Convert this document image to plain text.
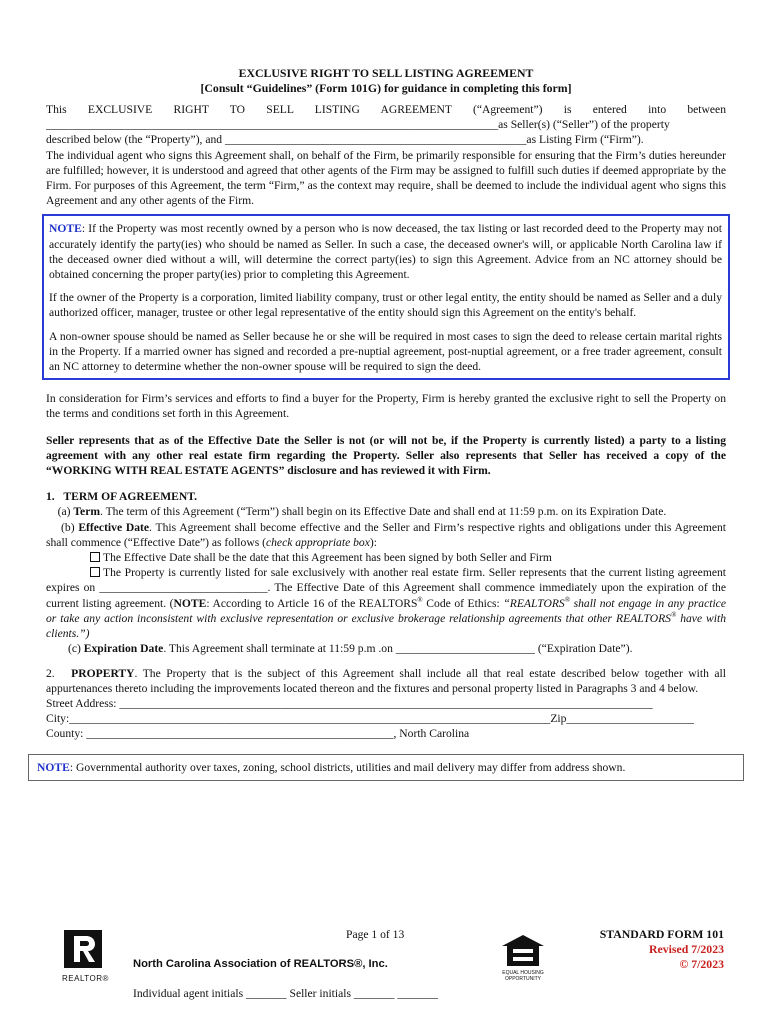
EXCLUSIVE RIGHT TO SELL LISTING AGREEMENT
[Consult “Guidelines” (Form 101G) for guidance in completing this form]

This EXCLUSIVE RIGHT TO SELL LISTING AGREEMENT (“Agreement”) is entered into between

______________________________________________________________________________as Seller(s) (“Seller”) of the property

described below (the “Property”), and ____________________________________________________as Listing Firm (“Firm”).

The individual agent who signs this Agreement shall, on behalf of the Firm, be primarily responsible for ensuring that the Firm’s duties hereunder are fulfilled; however, it is understood and agreed that other agents of the Firm may be assigned to fulfill such duties if deemed appropriate by the Firm. For purposes of this Agreement, the term “Firm,” as the context may require, shall be deemed to include the individual agent who signs this Agreement and any other agents of the Firm.

NOTE: If the Property was most recently owned by a person who is now deceased, the tax listing or last recorded deed to the Property may not accurately identify the party(ies) who should be named as Seller. In such a case, the deceased owner's will, or applicable North Carolina law if the deceased owner died without a will, will determine the correct party(ies) to sign this Agreement. Advice from an NC attorney should be obtained concerning the proper party(ies) prior to completing this Agreement.

If the owner of the Property is a corporation, limited liability company, trust or other legal entity, the entity should be named as Seller and a duly authorized officer, manager, trustee or other legal representative of the entity should sign this Agreement on the entity's behalf.

A non-owner spouse should be named as Seller because he or she will be required in most cases to sign the deed to release certain marital rights in the Property. If a married owner has signed and recorded a pre-nuptial agreement, post-nuptial agreement, or a free trader agreement, consult an NC attorney to determine whether the non-owner spouse will be required to sign the deed.

In consideration for Firm’s services and efforts to find a buyer for the Property, Firm is hereby granted the exclusive right to sell the Property on the terms and conditions set forth in this Agreement.

Seller represents that as of the Effective Date the Seller is not (or will not be, if the Property is currently listed) a party to a listing agreement with any other real estate firm regarding the Property. Seller also represents that Seller has received a copy of the “WORKING WITH REAL ESTATE AGENTS” disclosure and has reviewed it with Firm.

1.   TERM OF AGREEMENT.

(a) Term. The term of this Agreement (“Term”) shall begin on its Effective Date and shall end at 11:59 p.m. on its Expiration Date.

(b) Effective Date. This Agreement shall become effective and the Seller and Firm’s respective rights and obligations under this Agreement shall commence (“Effective Date”) as follows (check appropriate box):

The Effective Date shall be the date that this Agreement has been signed by both Seller and Firm

The Property is currently listed for sale exclusively with another real estate firm. Seller represents that the current listing agreement expires on _____________________________. The Effective Date of this Agreement shall commence immediately upon the expiration of the current listing agreement. (NOTE: According to Article 16 of the REALTORS® Code of Ethics: “REALTORS® shall not engage in any practice or take any action inconsistent with exclusive representation or exclusive brokerage relationship agreements that other REALTORS® have with clients.”)

(c) Expiration Date. This Agreement shall terminate at 11:59 p.m .on ________________________ (“Expiration Date”).

2. PROPERTY. The Property that is the subject of this Agreement shall include all that real estate described below together with all appurtenances thereto including the improvements located thereon and the fixtures and personal property listed in Paragraphs 3 and 4 below.

Street Address: ____________________________________________________________________________________________

City:___________________________________________________________________________________Zip______________________

County: _____________________________________________________, North Carolina

NOTE: Governmental authority over taxes, zoning, school districts, utilities and mail delivery may differ from address shown.

REALTOR®
Page 1 of 13
North Carolina Association of REALTORS®, Inc.
EQUAL HOUSING OPPORTUNITY
STANDARD FORM 101
Revised 7/2023
© 7/2023
Individual agent initials _______ Seller initials _______ _______
